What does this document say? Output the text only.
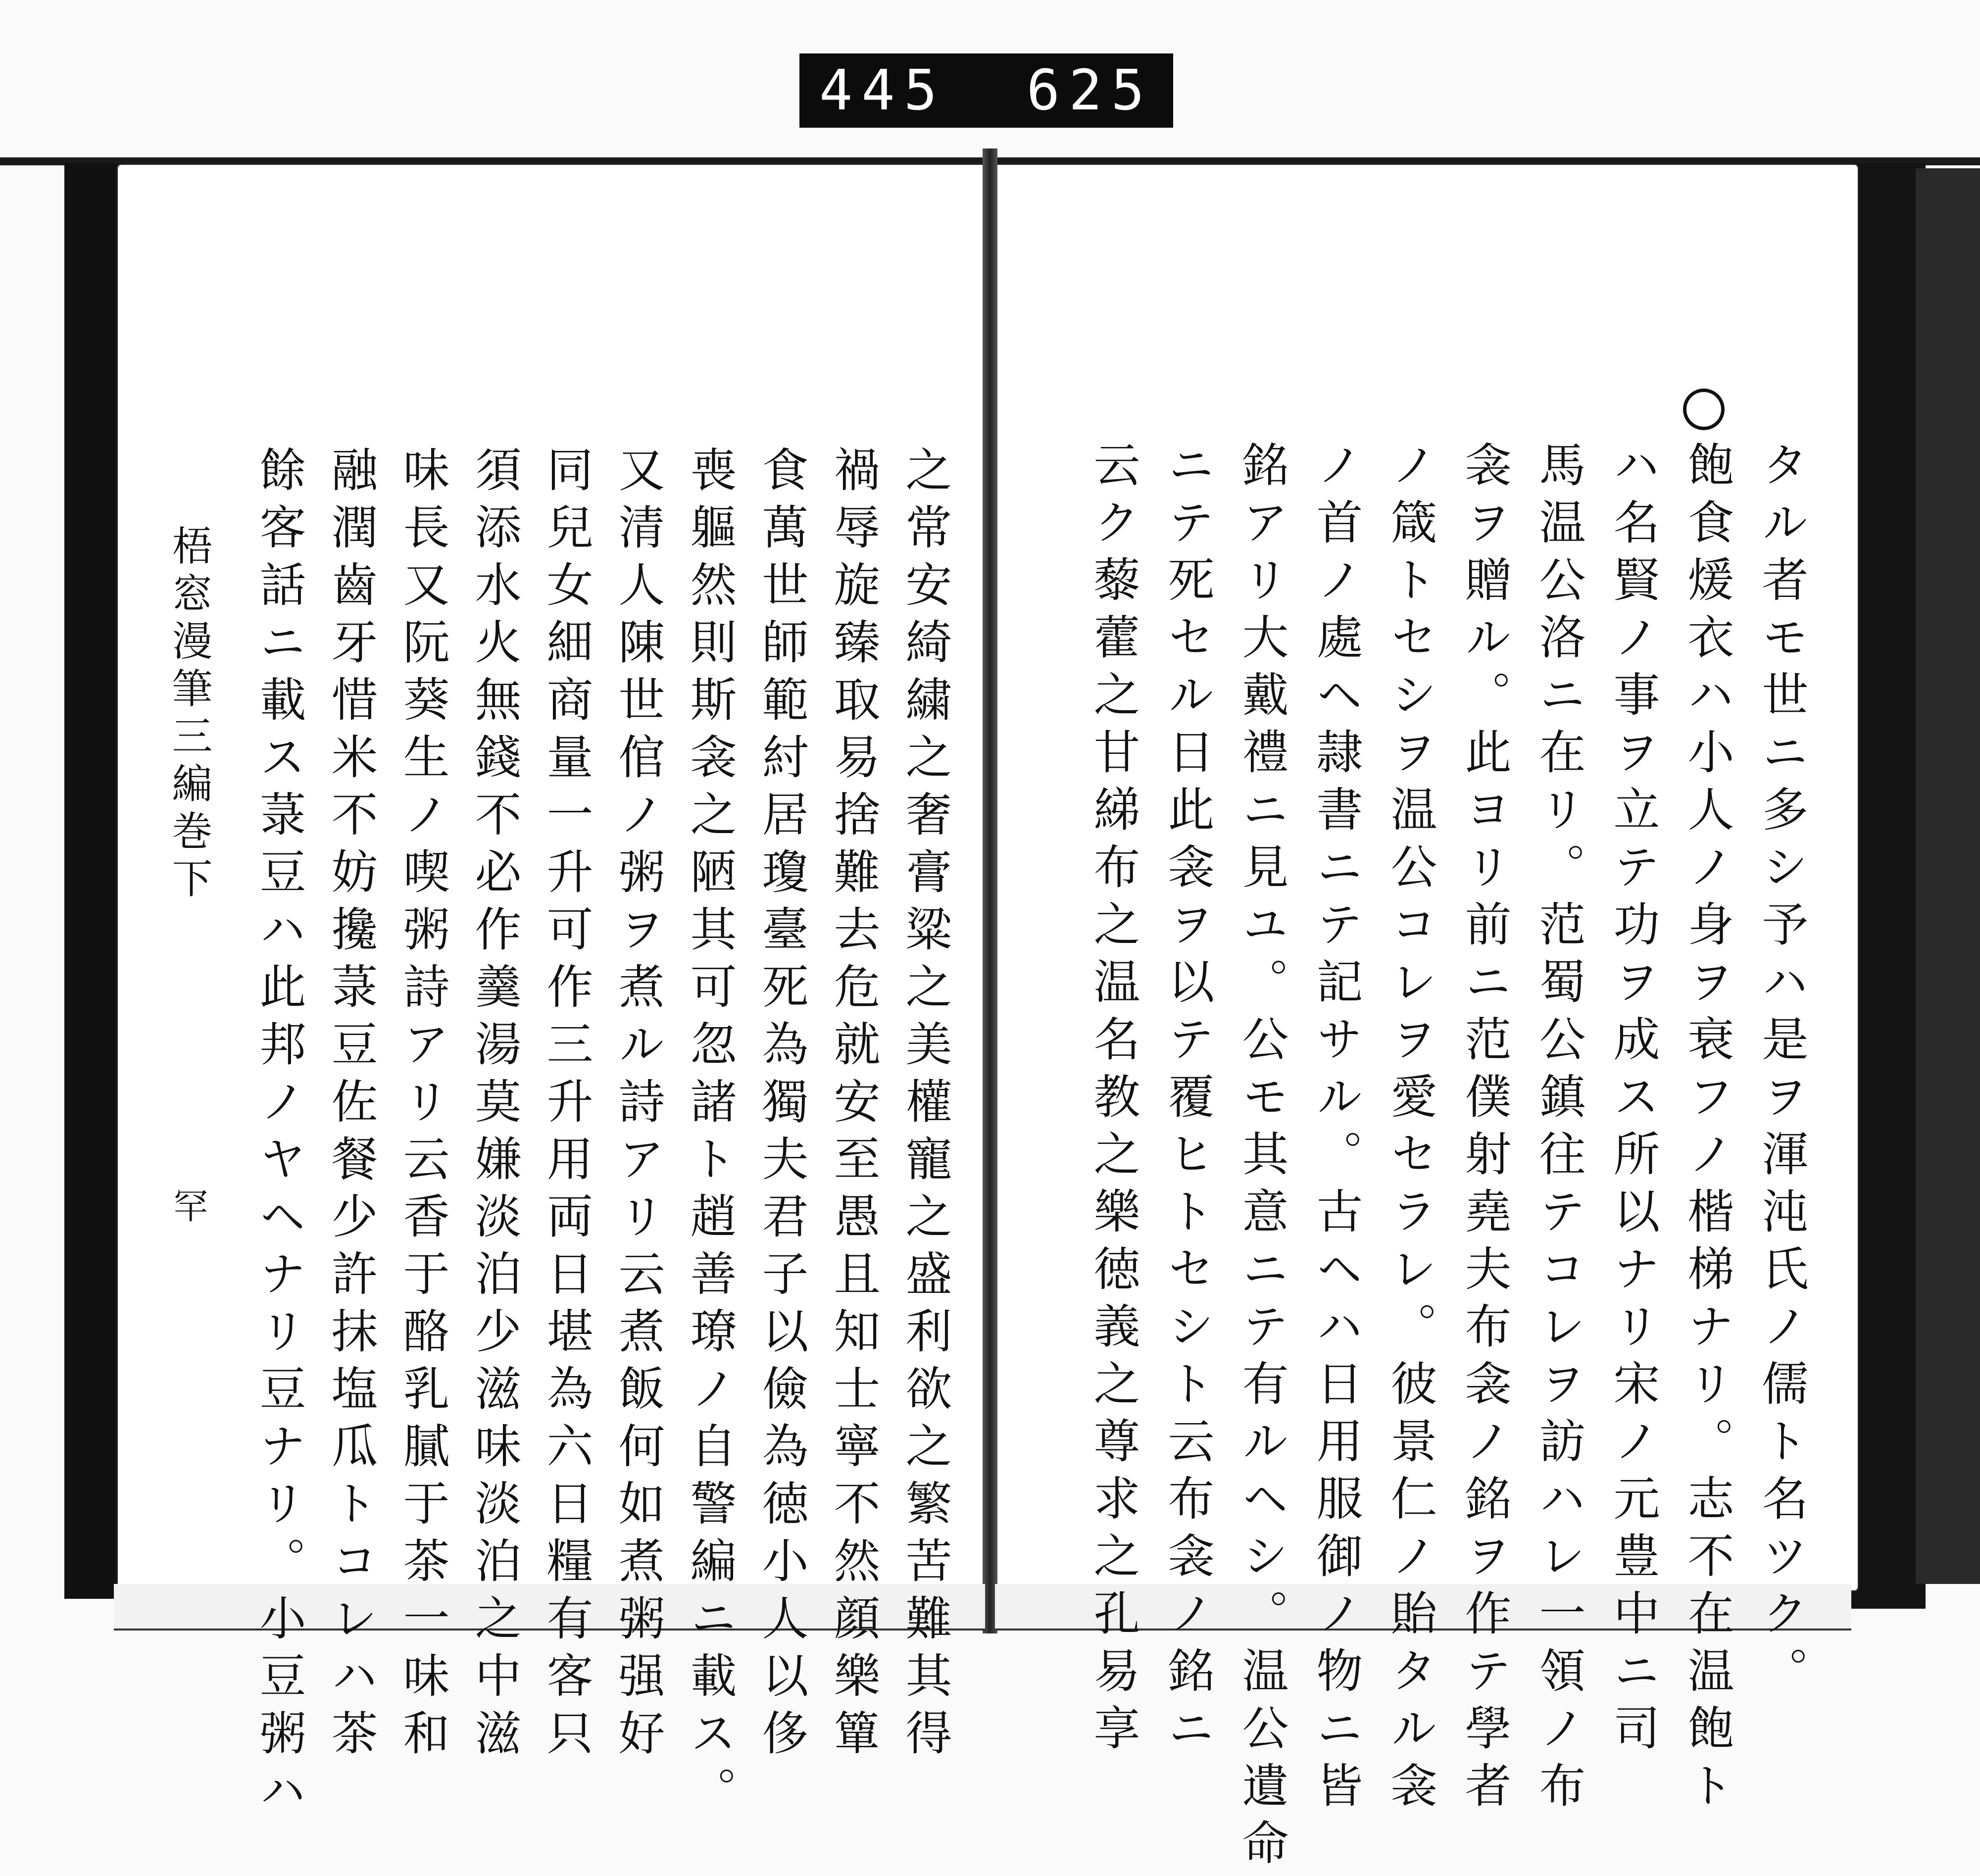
445 625
タル者モ世ニ多シ予ハ是ヲ渾沌氏ノ儒ト名ツク。
飽食煖衣ハ小人ノ身ヲ衰フノ楷梯ナリ。志不在温飽ト
ハ名賢ノ事ヲ立テ功ヲ成ス所以ナリ宋ノ元豊中ニ司
馬温公洛ニ在リ。范蜀公鎮往テコレヲ訪ハレ一領ノ布
衾ヲ贈ル。此ヨリ前ニ范僕射堯夫布衾ノ銘ヲ作テ學者
ノ箴トセシヲ温公コレヲ愛セラレ。彼景仁ノ貽タル衾
ノ首ノ處ヘ隷書ニテ記サル。古ヘハ日用服御ノ物ニ皆
銘アリ大戴禮ニ見ユ。公モ其意ニテ有ルヘシ。温公遺命
ニテ死セル日此衾ヲ以テ覆ヒトセシト云布衾ノ銘ニ
云ク藜藿之甘綈布之温名教之樂徳義之尊求之孔易享
之常安綺繍之奢膏粱之美權寵之盛利欲之繁苦難其得
禍辱旋臻取易捨難去危就安至愚且知士寧不然顔樂簞
食萬世師範紂居瓊臺死為獨夫君子以儉為徳小人以侈
喪軀然則斯衾之陋其可忽諸ト趙善璙ノ自警編ニ載ス。
又清人陳世倌ノ粥ヲ煮ル詩アリ云煮飯何如煮粥强好
同兒女細商量一升可作三升用両日堪為六日糧有客只
須添水火無錢不必作羹湯莫嫌淡泊少滋味淡泊之中滋
味長又阮葵生ノ喫粥詩アリ云香于酪乳膩于茶一味和
融潤齒牙惜米不妨攙菉豆佐餐少許抹塩瓜トコレハ茶
餘客話ニ載ス菉豆ハ此邦ノヤヘナリ豆ナリ。小豆粥ハ
梧窓漫筆三編巻下
罕
